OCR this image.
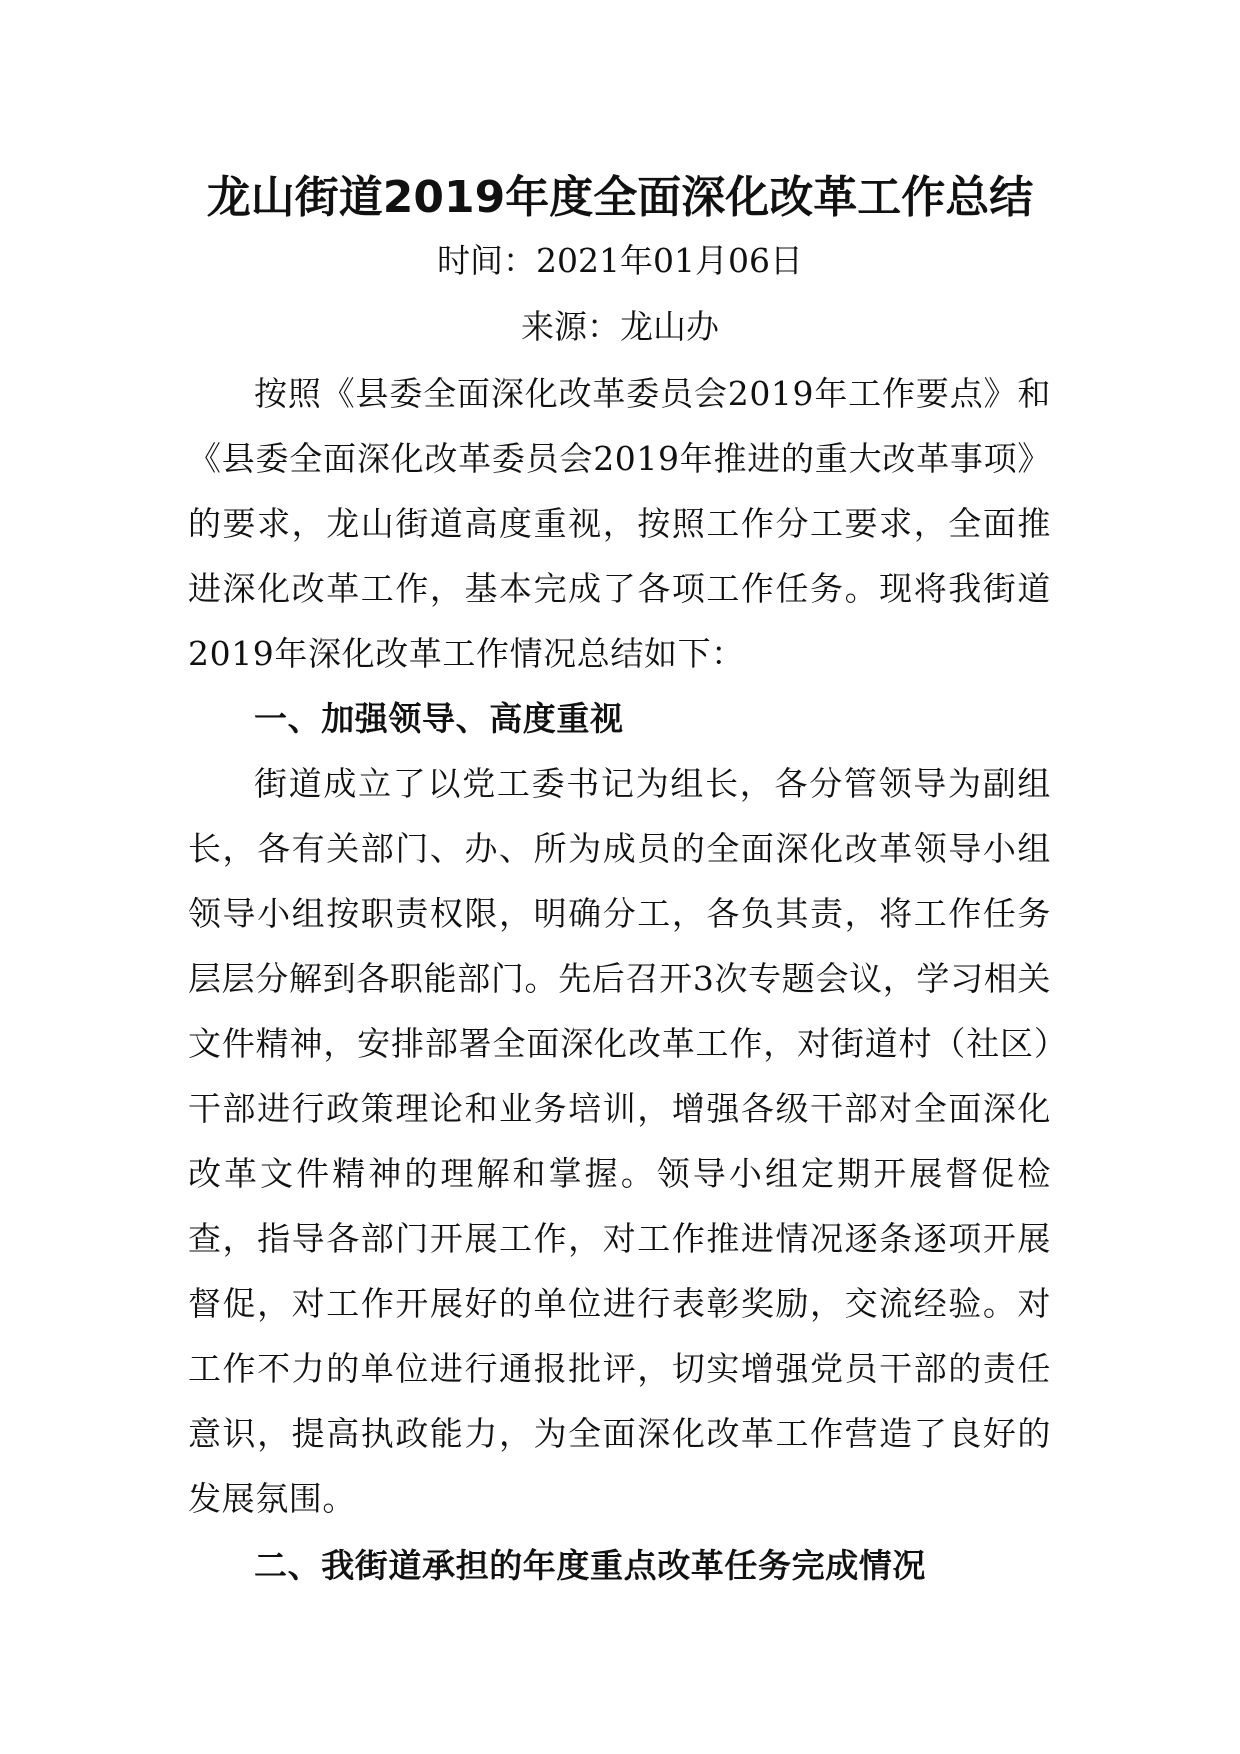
龙山街道2019年度全面深化改革工作总结
时间：2021年01月06日
来源：龙山办

按照《县委全面深化改革委员会2019年工作要点》和《县委全面深化改革委员会2019年推进的重大改革事项》的要求，龙山街道高度重视，按照工作分工要求，全面推进深化改革工作，基本完成了各项工作任务。现将我街道2019年深化改革工作情况总结如下：

一、加强领导、高度重视

街道成立了以党工委书记为组长，各分管领导为副组长，各有关部门、办、所为成员的全面深化改革领导小组领导小组按职责权限，明确分工，各负其责，将工作任务层层分解到各职能部门。先后召开3次专题会议，学习相关文件精神，安排部署全面深化改革工作，对街道村（社区）干部进行政策理论和业务培训，增强各级干部对全面深化改革文件精神的理解和掌握。领导小组定期开展督促检查，指导各部门开展工作，对工作推进情况逐条逐项开展督促，对工作开展好的单位进行表彰奖励，交流经验。对工作不力的单位进行通报批评，切实增强党员干部的责任意识，提高执政能力，为全面深化改革工作营造了良好的发展氛围。

二、我街道承担的年度重点改革任务完成情况
